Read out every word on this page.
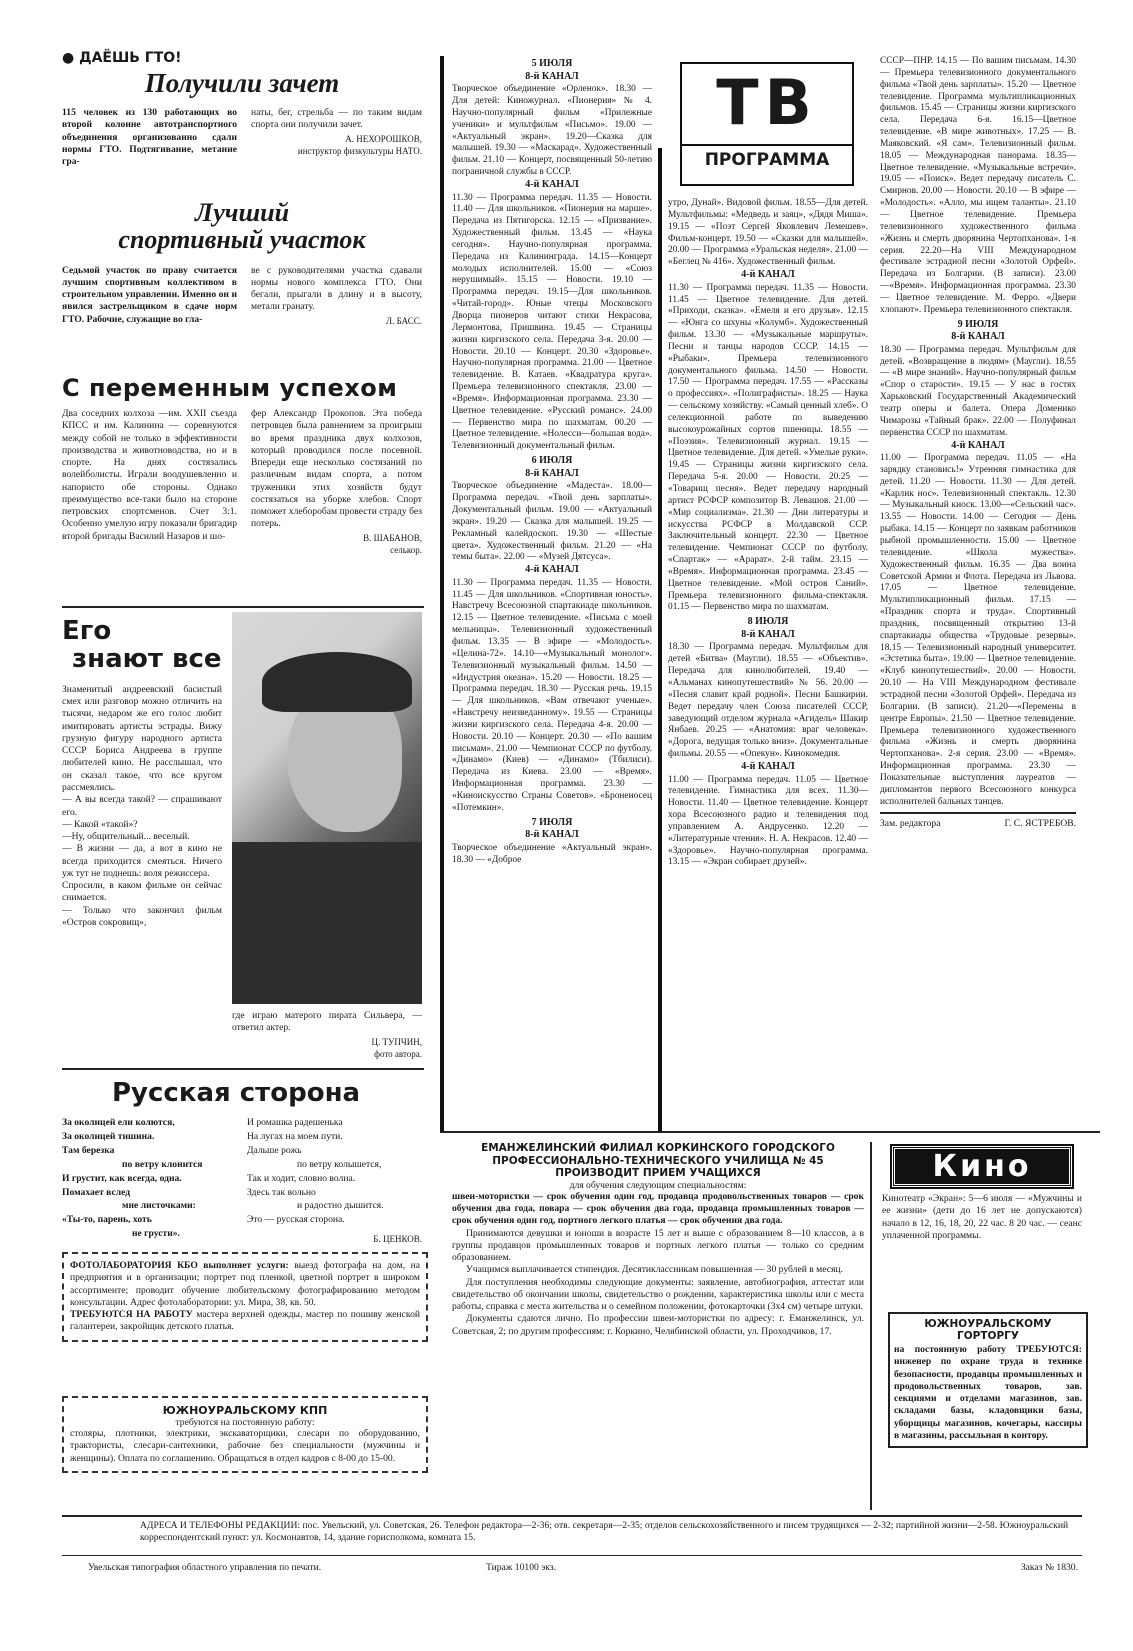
● ДАЁШЬ ГТО!
Получили зачет

115 человек из 130 работающих во второй колонне автотранспортного объединения организованно сдали нормы ГТО. Подтягивание, метание гра-

наты, бег, стрельба — по таким видам спорта они получили зачет.

А. НЕХОРОШКОВ,

инструктор физкультуры НАТО.

Лучший
спортивный участок

Седьмой участок по праву считается лучшим спортивным коллективом в строительном управлении. Именно он и явился застрельщиком в сдаче норм ГТО. Рабочие, служащие во гла-

ве с руководителями участка сдавали нормы нового комплекса ГТО. Они бегали, прыгали в длину и в высоту, метали гранату.

Л. БАСС.

С переменным успехом

Два соседних колхоза —им. XXII съезда КПСС и им. Калинина — соревнуются между собой не только в эффективности производства и животноводства, но и в спорте. На днях состязались волейболисты. Играли воодушевленно и напористо обе стороны. Однако преимущество все-таки было на стороне петровских спортсменов. Счет 3:1. Особенно умелую игру показали бригадир второй бригады Василий Назаров и шо-

фер Александр Прокопов. Эта победа петровцев была равнением за проигрыш во время праздника двух колхозов, который проводился после посевной. Впереди еще несколько состязаний по различным видам спорта, а потом труженики этих хозяйств будут состязаться на уборке хлебов. Спорт поможет хлеборобам провести страду без потерь.

В. ШАБАНОВ,

селькор.

Его
знают все

Знаменитый андреевский басистый смех или разговор можно отличить на тысячи, недаром же его голос любит имитировать артисты эстрады. Вижу грузную фигуру народного артиста СССР Бориса Андреева в группе любителей кино. Не расслышал, что он сказал такое, что все кругом рассмеялись.

— А вы всегда такой? — спрашивают его.

— Какой «такой»?

—Ну, общительный... веселый.

— В жизни — да, а вот в кино не всегда приходится смеяться. Ничего уж тут не поднешь: воля режиссера.

Спросили, в каком фильме он сейчас снимается.

— Только что закончил фильм «Остров сокровищ»,

где играю матерого пирата Сильвера, — ответил актер.

Ц. ТУПЧИН,

фото автора.

Русская сторона
За околицей ели колются,
За околицей тишина.
Там березка
по ветру клонится
И грустит, как всегда, одна.
Помахает вслед
мне листочками:
«Ты-то, парень, хоть
не грусти».
И ромашка радешенька
На лугах на моем пути.
Дальше рожь
по ветру колышется,
Так и ходит, словно волна.
Здесь так вольно
и радостно дышится.
Это — русская сторона.

Б. ЦЕНКОВ.

ФОТОЛАБОРАТОРИЯ КБО выполняет услуги: выезд фотографа на дом, на предприятия и в организации; портрет под пленкой, цветной портрет в широком ассортименте; проводит обучение любительскому фотографированию методом консультации. Адрес фотолаборатории: ул. Мира, 38, кв. 50.

ТРЕБУЮТСЯ НА РАБОТУ мастера верхней одежды, мастер по пошиву женской галантереи, закройщик детского платья.

ЮЖНОУРАЛЬСКОМУ КПП
требуются на постоянную работу:

столяры, плотники, электрики, экскаваторщики, слесари по оборудованию, трактористы, слесари-сантехники, рабочие без специальности (мужчины и женщины). Оплата по соглашению. Обращаться в отдел кадров с 8-00 до 15-00.

ТВ
ПРОГРАММА

5 ИЮЛЯ

8-й КАНАЛ

Творческое объединение «Орленок». 18.30 — Для детей: Киножурнал. «Пионерия» № 4. Научно-популярный фильм «Прилежные ученики» и мультфильм «Письмо». 19.00 — «Актуальный экран». 19.20—Сказка для малышей. 19.30 — «Маскарад». Художественный фильм. 21.10 — Концерт, посвященный 50-летию пограничной службы в СССР.

4-й КАНАЛ

11.30 — Программа передач. 11.35 — Новости. 11.40 — Для школьников. «Пионерия на марше». Передача из Пятигорска. 12.15 — «Призвание». Художественный фильм. 13.45 — «Наука сегодня». Научно-популярная программа. Передача из Калининграда. 14.15—Концерт молодых исполнителей. 15.00 — «Союз нерушимый». 15.15 — Новости. 19.10 —Программа передач. 19.15—Для школьников. «Читай-город». Юные чтецы Московского Дворца пионеров читают стихи Некрасова, Лермонтова, Пришвина. 19.45 — Страницы жизни киргизского села. Передача 3-я. 20.00 — Новости. 20.10 — Концерт. 20.30 «Здоровье». Научно-популярная программа. 21.00 — Цветное телевидение. В. Катаев. «Квадратура круга». Премьера телевизионного спектакля. 23.00 — «Время». Информационная программа. 23.30 — Цветное телевидение. «Русский романс». 24.00 — Первенство мира по шахматам. 00.20 — Цветное телевидение. «Нолесси—большая вода». Телевизионный документальный фильм.

6 ИЮЛЯ

8-й КАНАЛ

Творческое объединение «Мадеста». 18.00—Программа передач. «Твой день зарплаты». Документальный фильм. 19.00 — «Актуальный экран». 19.20 — Сказка для малышей. 19.25 — Рекламный калейдоскоп. 19.30 — «Шестые цвета». Художественный фильм. 21.20 — «На темы быта». 22.00 — «Музей Дятсуса».

4-й КАНАЛ

11.30 — Программа передач. 11.35 — Новости. 11.45 — Для школьников. «Спортивная юность». Навстречу Всесоюзной спартакиаде школьников. 12.15 — Цветное телевидение. «Письма с моей мельницы». Телевизионный художественный фильм. 13.35 — В эфире — «Молодость». «Целина-72». 14.10—«Музыкальный монолог». Телевизионный музыкальный фильм. 14.50 — «Индустрия океана». 15.20 — Новости. 18.25 — Программа передач. 18.30 — Русская речь. 19.15 — Для школьников. «Вам отвечают ученые». «Навстречу неизведанному». 19.55 — Страницы жизни киргизского села. Передача 4-я. 20.00 — Новости. 20.10 — Концерт. 20.30 — «По вашим письмам». 21.00 — Чемпионат СССР по футболу. «Динамо» (Киев) — «Динамо» (Тбилиси). Передача из Киева. 23.00 — «Время». Информационная программа. 23.30 — «Киноискусство Страны Советов». «Броненосец «Потемкин».

7 ИЮЛЯ

8-й КАНАЛ

Творческое объединение «Актуальный экран». 18.30 — «Доброе

утро, Дунай». Видовой фильм. 18.55—Для детей. Мультфильмы: «Медведь и заяц», «Дядя Миша». 19.15 — «Поэт Сергей Яковлевич Лемешев». Фильм-концерт. 19.50 — «Сказки для малышей». 20.00 — Программа «Уральская неделя». 21.00 — «Беглец № 416». Художественный фильм.

4-й КАНАЛ

11.30 — Программа передач. 11.35 — Новости. 11.45 — Цветное телевидение. Для детей. «Приходи, сказка». «Емеля и его друзья». 12.15 — «Юнга со шхуны «Колумб». Художественный фильм. 13.30 — «Музыкальные маршруты». Песни и танцы народов СССР. 14.15 — «Рыбаки». Премьера телевизионного документального фильма. 14.50 — Новости. 17.50 — Программа передач. 17.55 — «Рассказы о профессиях». «Полиграфисты». 18.25 — Наука — сельскому хозяйству. «Самый ценный хлеб». О селекционной работе по выведению высокоурожайных сортов пшеницы. 18.55 — «Поэзия». Телевизионный журнал. 19.15 — Цветное телевидение. Для детей. «Умелые руки». 19.45 — Страницы жизни киргизского села. Передача 5-я. 20.00 — Новости. 20.25 — «Товарищ песня». Ведет передачу народный артист РСФСР композитор В. Левашов. 21.00 — «Мир социализма». 21.30 — Дни литературы и искусства РСФСР в Молдавской ССР. Заключительный концерт. 22.30 — Цветное телевидение. Чемпионат СССР по футболу. «Спартак» — «Арарат». 2-й тайм. 23.15 — «Время». Информационная программа. 23.45 — Цветное телевидение. «Мой остров Саний». Премьера телевизионного фильма-спектакля. 01.15 — Первенство мира по шахматам.

8 ИЮЛЯ

8-й КАНАЛ

18.30 — Программа передач. Мультфильм для детей «Битва» (Маугли). 18.55 — «Объектив». Передача для кинолюбителей. 19.40 — «Альманах кинопутешествий» № 56. 20.00 — «Песня славит край родной». Песни Башкирии. Ведет передачу член Союза писателей СССР, заведующий отделом журнала «Агидель» Шакир Янбаев. 20.25 — «Анатомия: враг человека». «Дорога, ведущая только вниз». Документальные фильмы. 20.55 — «Опекун». Кинокомедия.

4-й КАНАЛ

11.00 — Программа передач. 11.05 — Цветное телевидение. Гимнастика для всех. 11.30—Новости. 11.40 — Цветное телевидение. Концерт хора Всесоюзного радио и телевидения под управлением А. Андрусенко. 12.20 — «Литературные чтения». Н. А. Некрасов. 12.40 — «Здоровье». Научно-популярная программа. 13.15 — «Экран собирает друзей».

СССР—ПНР. 14.15 — По вашим письмам. 14.30 — Премьера телевизионного документального фильма «Твой день зарплаты». 15.20 — Цветное телевидение. Программа мультипликационных фильмов. 15.45 — Страницы жизни киргизского села. Передача 6-я. 16.15—Цветное телевидение. «В мире животных». 17.25 — В. Маяковский. «Я сам». Телевизионный фильм. 18.05 — Международная панорама. 18.35—Цветное телевидение. «Музыкальные встречи». 19.05 — «Поиск». Ведет передачу писатель С. Смирнов. 20.00 — Новости. 20.10 — В эфире — «Молодость». «Алло, мы ищем таланты». 21.10 — Цветное телевидение. Премьера телевизионного художественного фильма «Жизнь и смерть дворянина Чертопханова». 1-я серия. 22.20—На VIII Международном фестивале эстрадной песни «Золотой Орфей». Передача из Болгарии. (В записи). 23.00—«Время». Информационная программа. 23.30 — Цветное телевидение. М. Ферро. «Двери хлопают». Премьера телевизионного спектакля.

9 ИЮЛЯ

8-й КАНАЛ

18.30 — Программа передач. Мультфильм для детей. «Возвращение в людям» (Маугли). 18.55 — «В мире знаний». Научно-популярный фильм «Спор о старости». 19.15 — У нас в гостях Харьковский Государственный Академический театр оперы и балета. Опера Доменико Чимарозы «Тайный брак». 22.00 — Полуфинал первенства СССР по шахматам.

4-й КАНАЛ

11.00 — Программа передач. 11.05 — «На зарядку становись!» Утренняя гимнастика для детей. 11.20 — Новости. 11.30 — Для детей. «Карлик нос». Телевизионный спектакль. 12.30 — Музыкальный киоск. 13.00—«Сельский час». 13.55 — Новости. 14.00 — Сегодня — День рыбака. 14.15 — Концерт по заявкам работников рыбной промышленности. 15.00 — Цветное телевидение. «Школа мужества». Художественный фильм. 16.35 — Два воина Советской Армии и Флота. Передача из Львова. 17.05 — Цветное телевидение. Мультипликационный фильм. 17.15 — «Праздник спорта и труда». Спортивный праздник, посвященный открытию 13-й спартакиады общества «Трудовые резервы». 18.15 — Телевизионный народный университет. «Эстетика быта». 19.00 — Цветное телевидение. «Клуб кинопутешествий». 20.00 — Новости. 20.10 — На VIII Международном фестивале эстрадной песни «Золотой Орфей». Передача из Болгарии. (В записи). 21.20—«Перемены в центре Европы». 21.50 — Цветное телевидение. Премьера телевизионного художественного фильма «Жизнь и смерть дворянина Чертопханова». 2-я серия. 23.00 — «Время». Информационная программа. 23.30 — Показательные выступления лауреатов — дипломантов первого Всесоюзного конкурса исполнителей бальных танцев.

Зам. редактора	Г. С. ЯСТРЕБОВ.

ЕМАНЖЕЛИНСКИЙ ФИЛИАЛ КОРКИНСКОГО ГОРОДСКОГО
ПРОФЕССИОНАЛЬНО-ТЕХНИЧЕСКОГО УЧИЛИЩА № 45
ПРОИЗВОДИТ ПРИЕМ УЧАЩИХСЯ
для обучения следующим специальностям:

швеи-мотористки — срок обучения один год, продавца продовольственных товаров — срок обучения два года, повара — срок обучения два года, продавца промышленных товаров — срок обучения один год, портного легкого платья — срок обучения два года.

Принимаются девушки и юноши в возрасте 15 лет и выше с образованием 8—10 классов, а в группы продавцов промышленных товаров и портных легкого платья — только со средним образованием.

Учащимся выплачивается стипендия. Десятиклассникам повышенная — 30 рублей в месяц.

Для поступления необходимы следующие документы: заявление, автобиография, аттестат или свидетельство об окончании школы, свидетельство о рождении, характеристика школы или с места работы, справка с места жительства и о семейном положении, фотокарточки (3х4 см) четыре штуки.

Документы сдаются лично. По профессии швеи-мотористки по адресу: г. Еманжелинск, ул. Советская, 2; по другим профессиям: г. Коркино, Челябинской области, ул. Проходчиков, 17.

Кино

Кинотеатр «Экран»: 5—6 июля — «Мужчины и ее жизни» (дети до 16 лет не допускаются) начало в 12, 16, 18, 20, 22 час. 8 20 час. — сеанс уплаченной программы.

ЮЖНОУРАЛЬСКОМУ
ГОРТОРГУ

на постоянную работу ТРЕБУЮТСЯ: инженер по охране труда и технике безопасности, продавцы промышленных и продовольственных товаров, зав. секциями и отделами магазинов, зав. складами базы, кладовщики базы, уборщицы магазинов, кочегары, кассиры в магазины, рассыльная в контору.

АДРЕСА И ТЕЛЕФОНЫ РЕДАКЦИИ: пос. Увельский, ул. Советская, 26. Телефон редактора—2-36; отв. секретаря—2-35; отделов сельскохозяйственного и писем трудящихся — 2-32; партийной жизни—2-58. Южноуральский корреспондентский пункт: ул. Космонавтов, 14, здание горисполкома, комната 15.
Увельская типография областного управления по печати.	Тираж 10100 экз.	Заказ № 1830.
